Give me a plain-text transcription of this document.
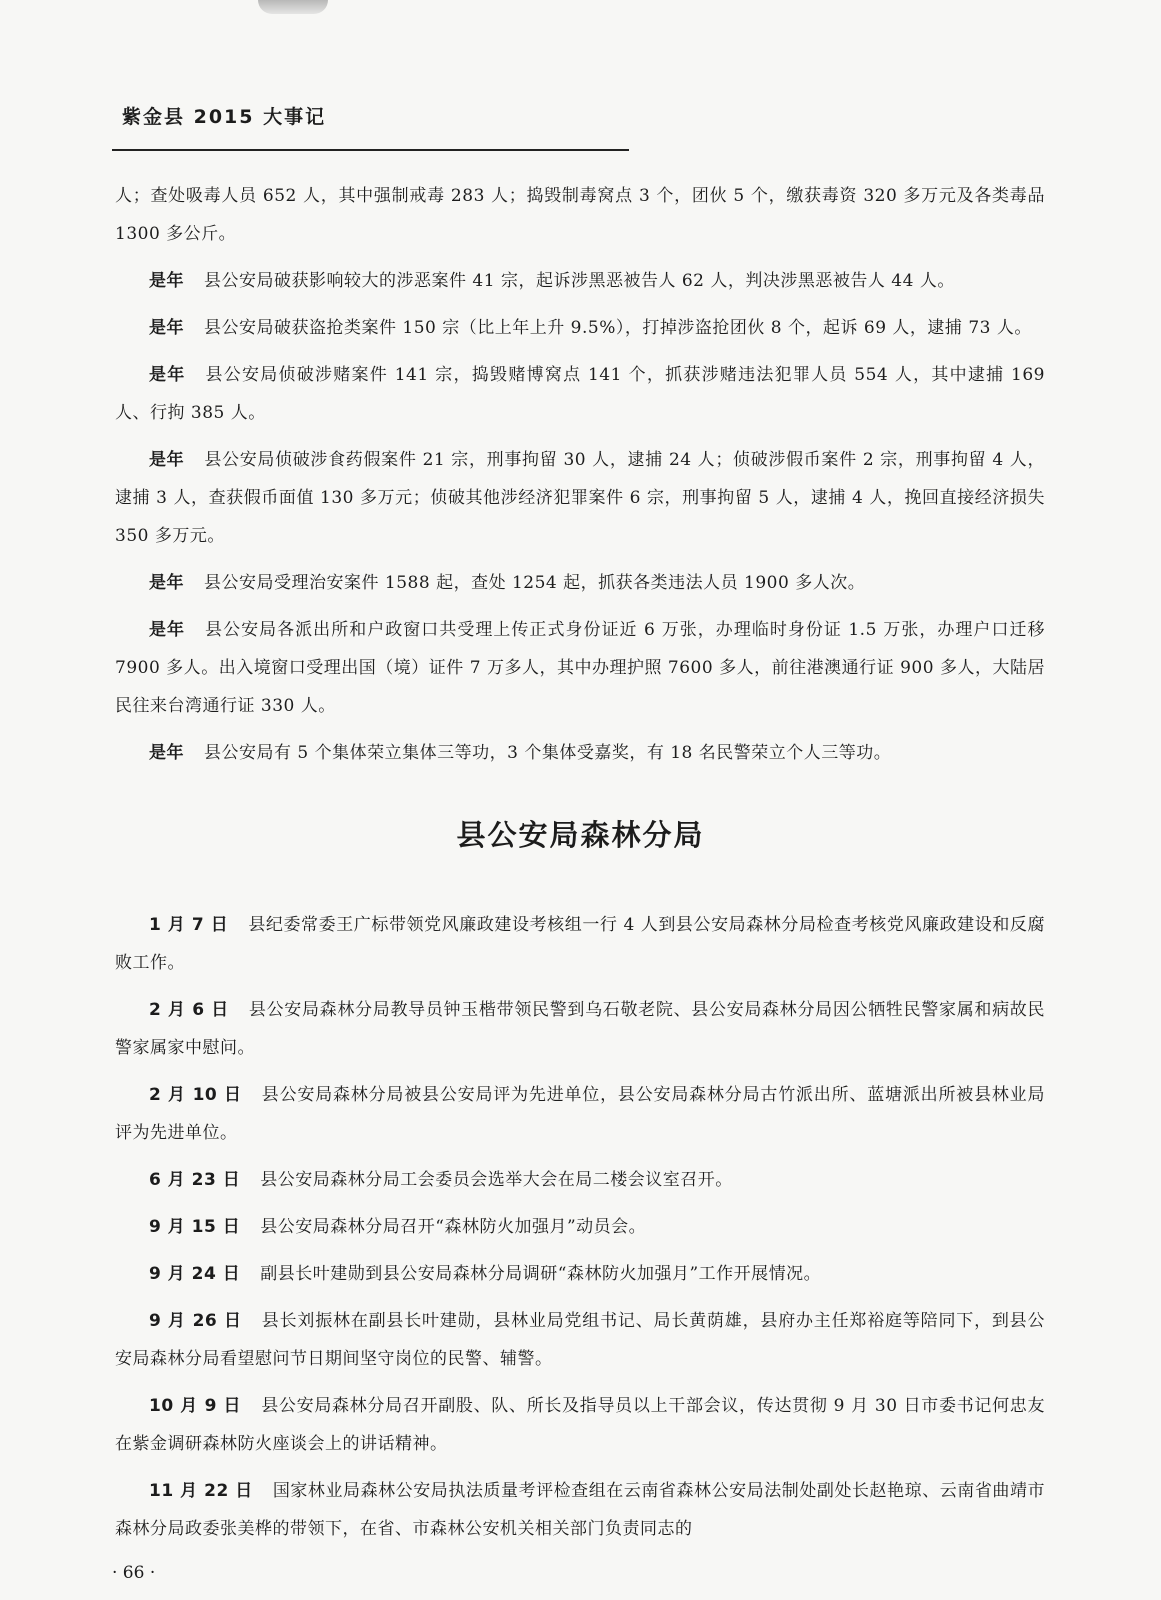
紫金县 2015 大事记

人；查处吸毒人员 652 人，其中强制戒毒 283 人；捣毁制毒窝点 3 个，团伙 5 个，缴获毒资 320 多万元及各类毒品 1300 多公斤。

是年 县公安局破获影响较大的涉恶案件 41 宗，起诉涉黑恶被告人 62 人，判决涉黑恶被告人 44 人。

是年 县公安局破获盗抢类案件 150 宗（比上年上升 9.5%），打掉涉盗抢团伙 8 个，起诉 69 人，逮捕 73 人。

是年 县公安局侦破涉赌案件 141 宗，捣毁赌博窝点 141 个，抓获涉赌违法犯罪人员 554 人，其中逮捕 169 人、行拘 385 人。

是年 县公安局侦破涉食药假案件 21 宗，刑事拘留 30 人，逮捕 24 人；侦破涉假币案件 2 宗，刑事拘留 4 人，逮捕 3 人，查获假币面值 130 多万元；侦破其他涉经济犯罪案件 6 宗，刑事拘留 5 人，逮捕 4 人，挽回直接经济损失 350 多万元。

是年 县公安局受理治安案件 1588 起，查处 1254 起，抓获各类违法人员 1900 多人次。

是年 县公安局各派出所和户政窗口共受理上传正式身份证近 6 万张，办理临时身份证 1.5 万张，办理户口迁移 7900 多人。出入境窗口受理出国（境）证件 7 万多人，其中办理护照 7600 多人，前往港澳通行证 900 多人，大陆居民往来台湾通行证 330 人。

是年 县公安局有 5 个集体荣立集体三等功，3 个集体受嘉奖，有 18 名民警荣立个人三等功。

县公安局森林分局

1 月 7 日 县纪委常委王广标带领党风廉政建设考核组一行 4 人到县公安局森林分局检查考核党风廉政建设和反腐败工作。

2 月 6 日 县公安局森林分局教导员钟玉楷带领民警到乌石敬老院、县公安局森林分局因公牺牲民警家属和病故民警家属家中慰问。

2 月 10 日 县公安局森林分局被县公安局评为先进单位，县公安局森林分局古竹派出所、蓝塘派出所被县林业局评为先进单位。

6 月 23 日 县公安局森林分局工会委员会选举大会在局二楼会议室召开。

9 月 15 日 县公安局森林分局召开“森林防火加强月”动员会。

9 月 24 日 副县长叶建勋到县公安局森林分局调研“森林防火加强月”工作开展情况。

9 月 26 日 县长刘振林在副县长叶建勋，县林业局党组书记、局长黄荫雄，县府办主任郑裕庭等陪同下，到县公安局森林分局看望慰问节日期间坚守岗位的民警、辅警。

10 月 9 日 县公安局森林分局召开副股、队、所长及指导员以上干部会议，传达贯彻 9 月 30 日市委书记何忠友在紫金调研森林防火座谈会上的讲话精神。

11 月 22 日 国家林业局森林公安局执法质量考评检查组在云南省森林公安局法制处副处长赵艳琼、云南省曲靖市森林分局政委张美桦的带领下，在省、市森林公安机关相关部门负责同志的

· 66 ·
